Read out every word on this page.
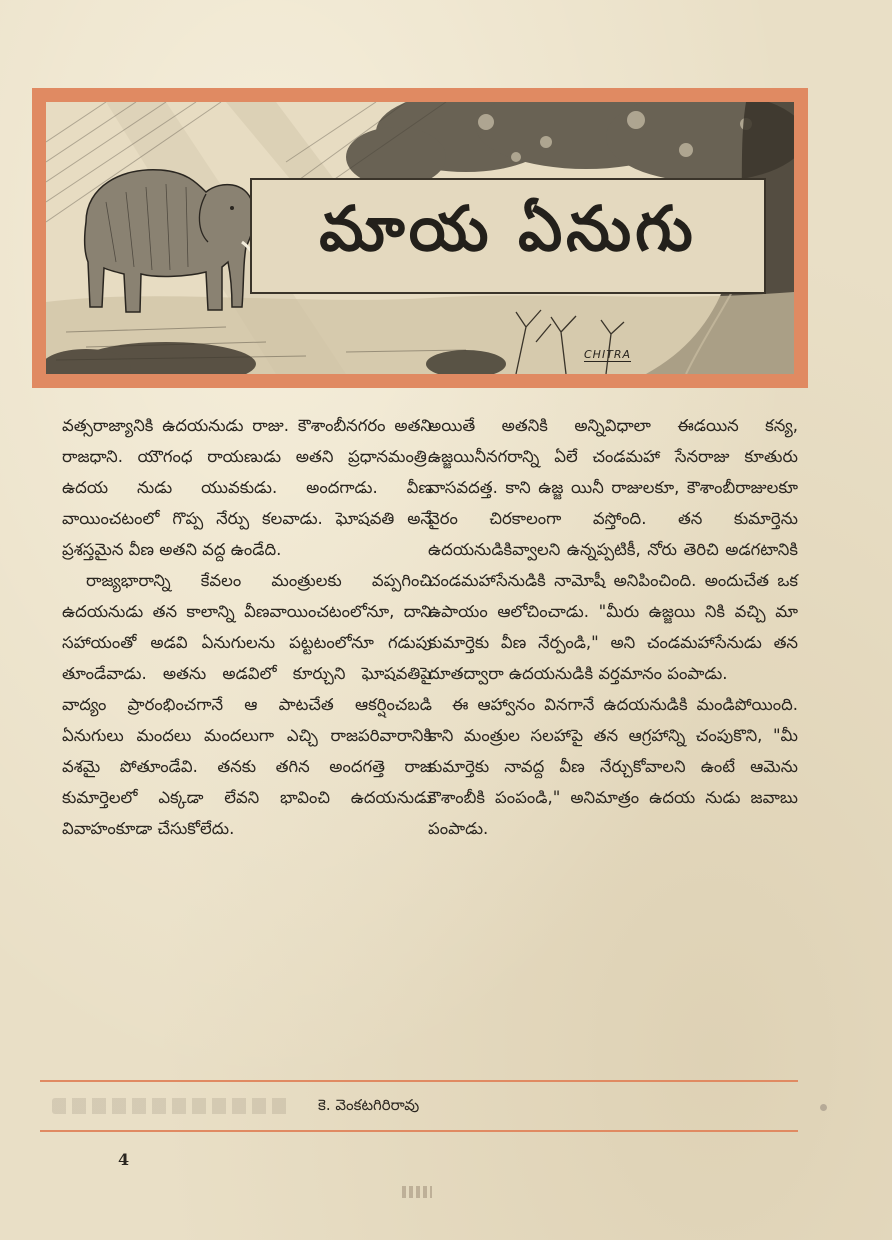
మాయ ఏనుగు
CHITRA

వత్సరాజ్యానికి ఉదయనుడు రాజు. కౌశాంబీనగరం అతని రాజధాని. యౌగంధ రాయణుడు అతని ప్రధానమంత్రి. ఉదయ నుడు యువకుడు. అందగాడు. వీణ వాయించటంలో గొప్ప నేర్పు కలవాడు. ఘోషవతి అనే ప్రశస్తమైన వీణ అతని వద్ద ఉండేది.

రాజ్యభారాన్ని కేవలం మంత్రులకు వప్పగించి ఉదయనుడు తన కాలాన్ని వీణవాయించటంలోనూ, దాని సహాయంతో అడవి ఏనుగులను పట్టటంలోనూ గడుపు తూండేవాడు. అతను అడవిలో కూర్చుని ఘోషవతిపై వాద్యం ప్రారంభించగానే ఆ పాటచేత ఆకర్షించబడి ఏనుగులు మందలు మందలుగా ఎచ్చి రాజపరివారానికి వశమై పోతూండేవి. తనకు తగిన అందగత్తె రాజ కుమార్తెలలో ఎక్కడా లేవని భావించి ఉదయనుడు వివాహంకూడా చేసుకోలేదు.

అయితే అతనికి అన్నివిధాలా ఈడయిన కన్య, ఉజ్జయినీనగరాన్ని ఏలే చండమహా సేనరాజు కూతురు వాసవదత్త. కాని ఉజ్జ యినీ రాజులకూ, కౌశాంబీరాజులకూ వైరం చిరకాలంగా వస్తోంది. తన కుమార్తెను ఉదయనుడికివ్వాలని ఉన్నప్పటికీ, నోరు తెరిచి అడగటానికి చండమహాసేనుడికి నామోషీ అనిపించింది. అందుచేత ఒక ఉపాయం ఆలోచించాడు. "మీరు ఉజ్జయి నికి వచ్చి మా కుమార్తెకు వీణ నేర్పండి," అని చండమహాసేనుడు తన దూతద్వారా ఉదయనుడికి వర్తమానం పంపాడు.

ఈ ఆహ్వానం వినగానే ఉదయనుడికి మండిపోయింది. కాని మంత్రుల సలహాపై తన ఆగ్రహాన్ని చంపుకొని, "మీ కుమార్తెకు నావద్ద వీణ నేర్చుకోవాలని ఉంటే ఆమెను కౌశాంబీకి పంపండి," అనిమాత్రం ఉదయ నుడు జవాబు పంపాడు.

కె. వెంకటగిరిరావు
4
